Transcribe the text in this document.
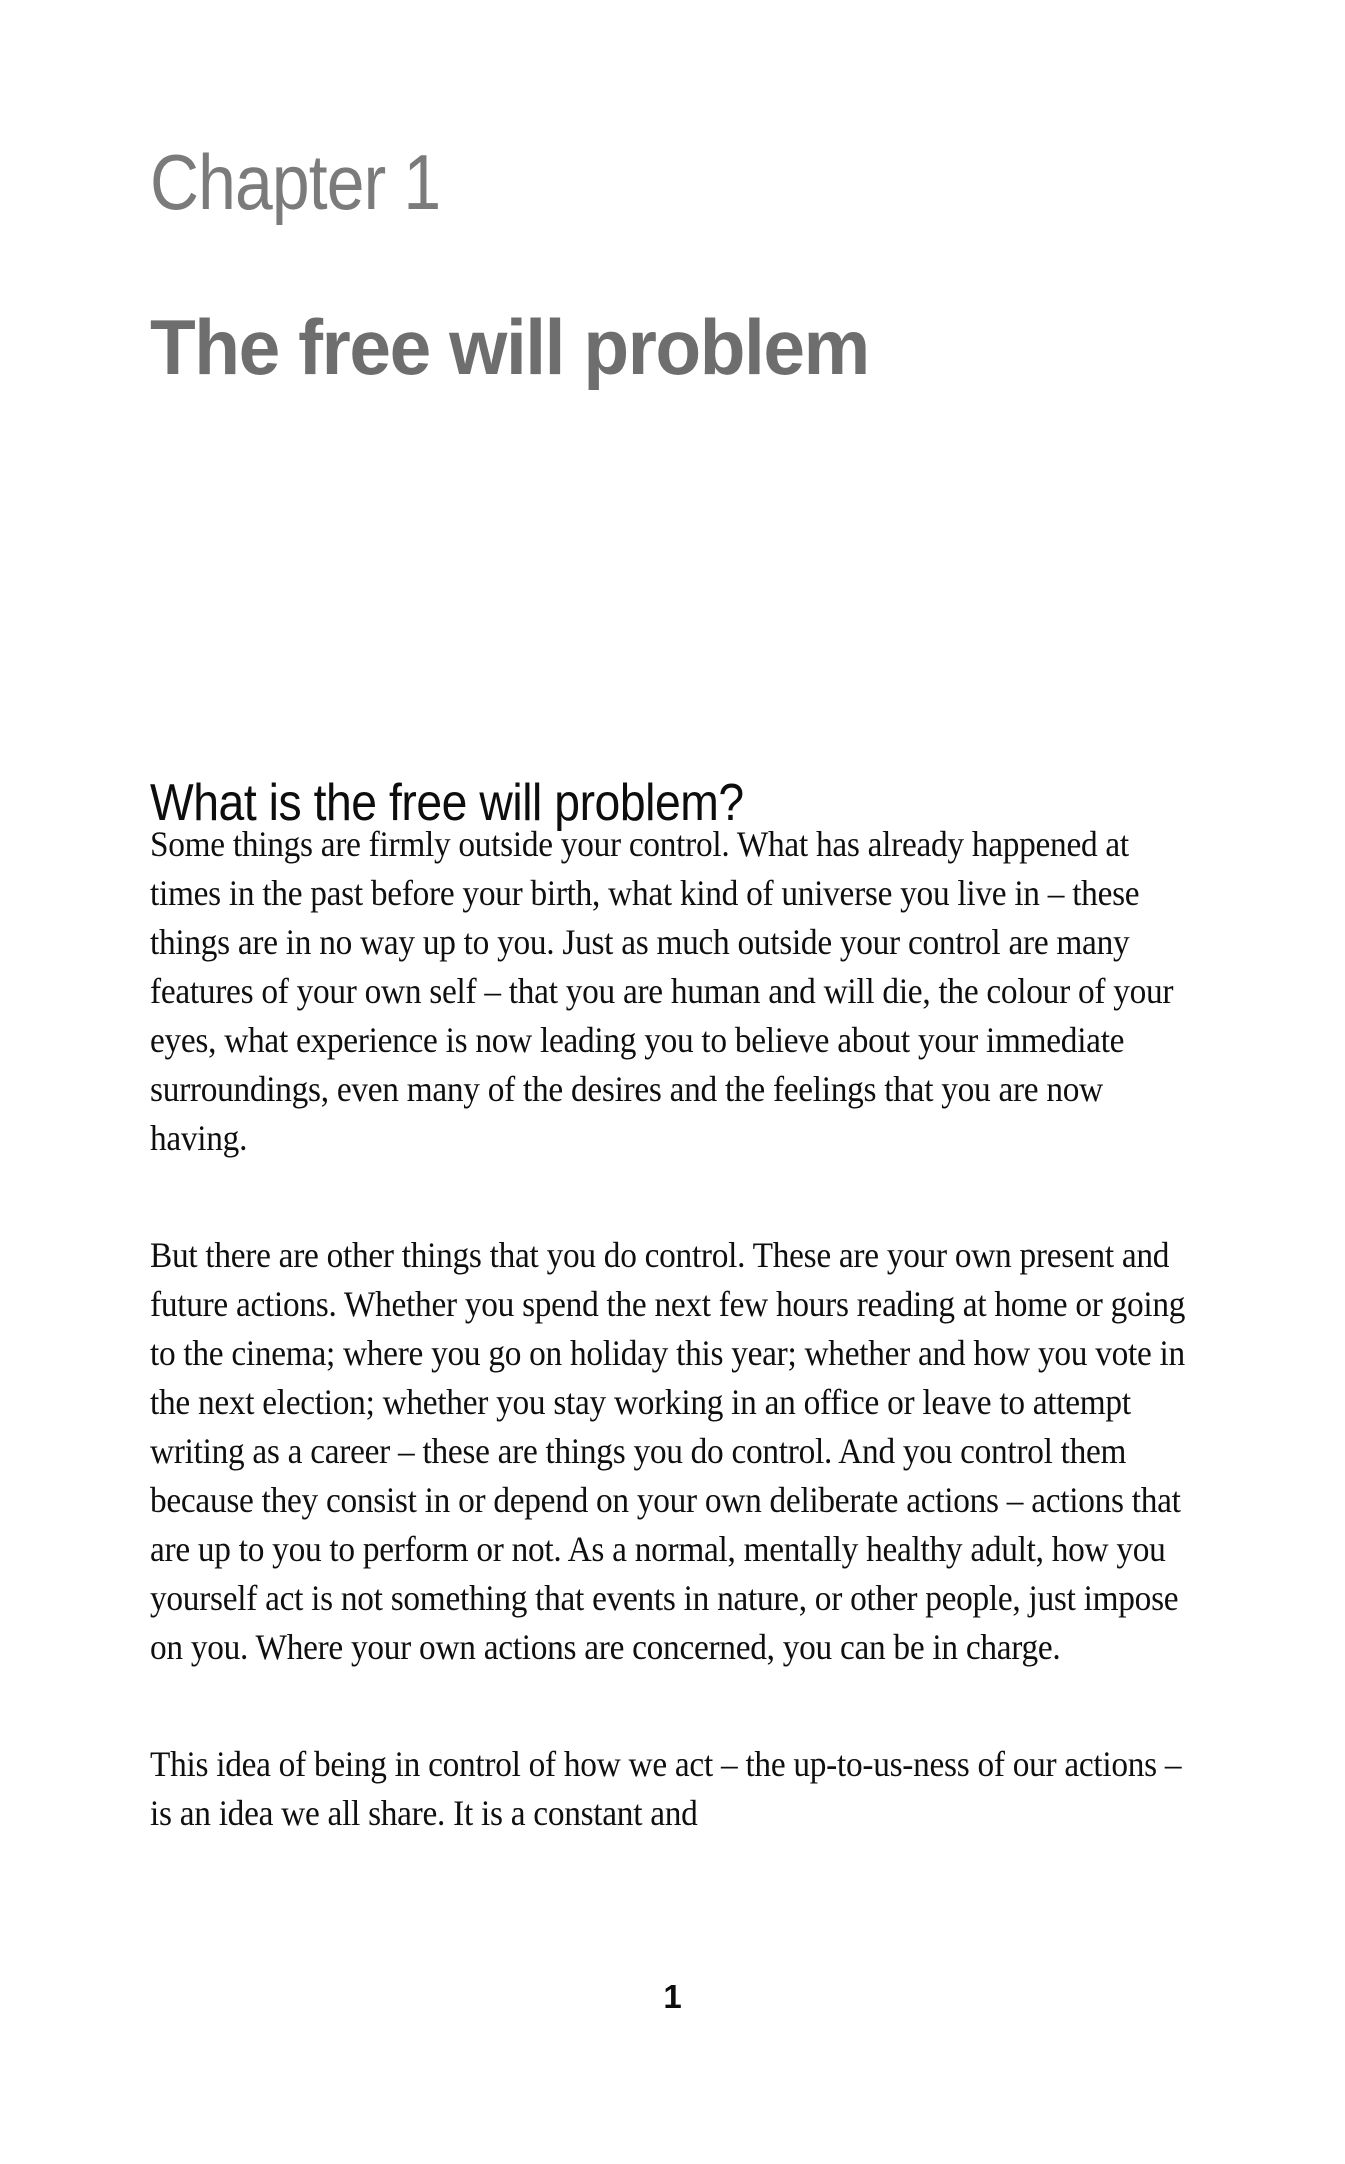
Chapter 1
The free will problem
What is the free will problem?

Some things are firmly outside your control. What has already happened at times in the past before your birth, what kind of universe you live in – these things are in no way up to you. Just as much outside your control are many features of your own self – that you are human and will die, the colour of your eyes, what experience is now leading you to believe about your immediate surroundings, even many of the desires and the feelings that you are now having.

But there are other things that you do control. These are your own present and future actions. Whether you spend the next few hours reading at home or going to the cinema; where you go on holiday this year; whether and how you vote in the next election; whether you stay working in an office or leave to attempt writing as a career – these are things you do control. And you control them because they consist in or depend on your own deliberate actions – actions that are up to you to perform or not. As a normal, mentally healthy adult, how you yourself act is not something that events in nature, or other people, just impose on you. Where your own actions are concerned, you can be in charge.

This idea of being in control of how we act – the up-to-us-ness of our actions – is an idea we all share. It is a constant and

1
